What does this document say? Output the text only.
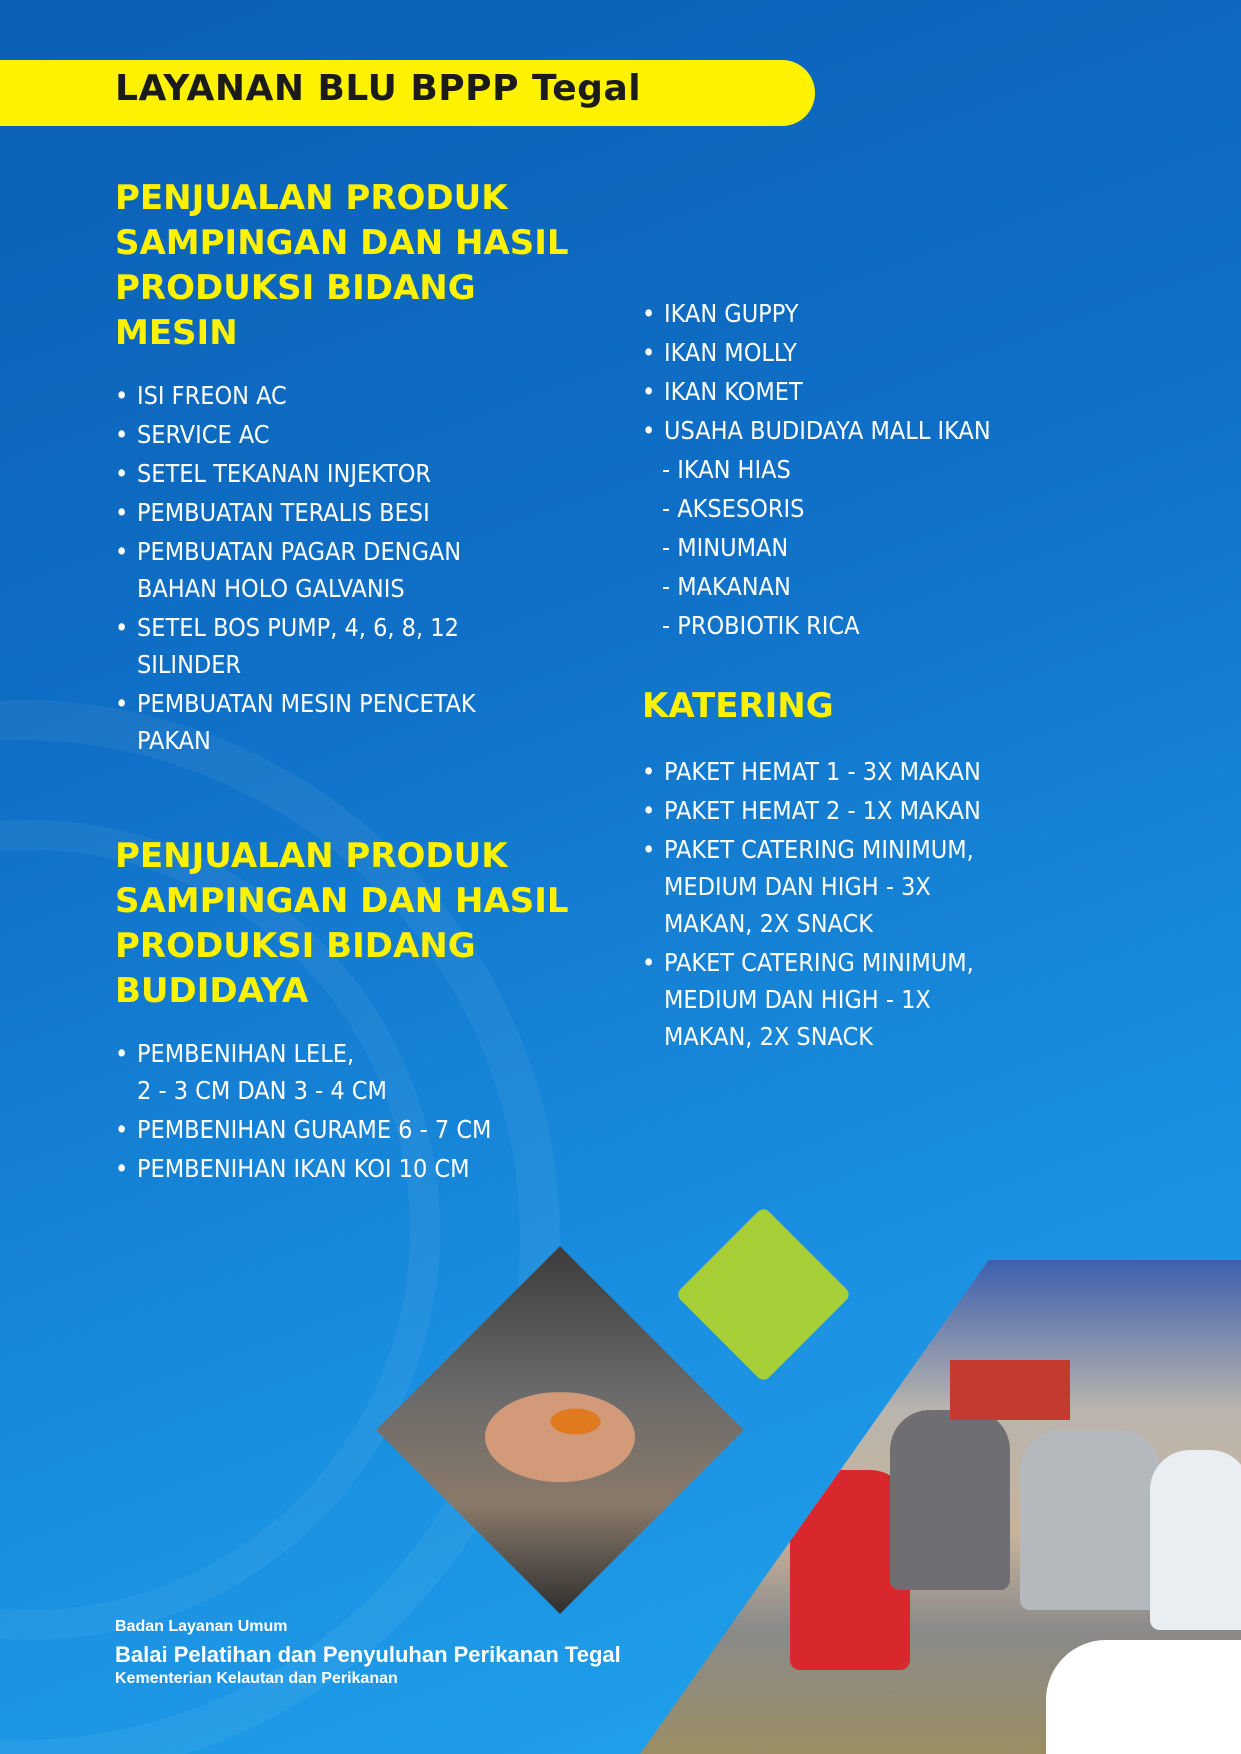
LAYANAN BLU BPPP Tegal
PENJUALAN PRODUK
SAMPINGAN DAN HASIL
PRODUKSI BIDANG
MESIN
• ISI FREON AC
• SERVICE AC
• SETEL TEKANAN INJEKTOR
• PEMBUATAN TERALIS BESI
• PEMBUATAN PAGAR DENGAN
BAHAN HOLO GALVANIS
• SETEL BOS PUMP, 4, 6, 8, 12
SILINDER
• PEMBUATAN MESIN PENCETAK
PAKAN
PENJUALAN PRODUK
SAMPINGAN DAN HASIL
PRODUKSI BIDANG
BUDIDAYA
• PEMBENIHAN LELE,
2 - 3 CM DAN 3 - 4 CM
• PEMBENIHAN GURAME 6 - 7 CM
• PEMBENIHAN IKAN KOI 10 CM
• IKAN GUPPY
• IKAN MOLLY
• IKAN KOMET
• USAHA BUDIDAYA MALL IKAN
- IKAN HIAS
- AKSESORIS
- MINUMAN
- MAKANAN
- PROBIOTIK RICA
KATERING
• PAKET HEMAT 1 - 3X MAKAN
• PAKET HEMAT 2 - 1X MAKAN
• PAKET CATERING MINIMUM,
MEDIUM DAN HIGH - 3X
MAKAN, 2X SNACK
• PAKET CATERING MINIMUM,
MEDIUM DAN HIGH - 1X
MAKAN, 2X SNACK
Badan Layanan Umum
Balai Pelatihan dan Penyuluhan Perikanan Tegal
Kementerian Kelautan dan Perikanan
